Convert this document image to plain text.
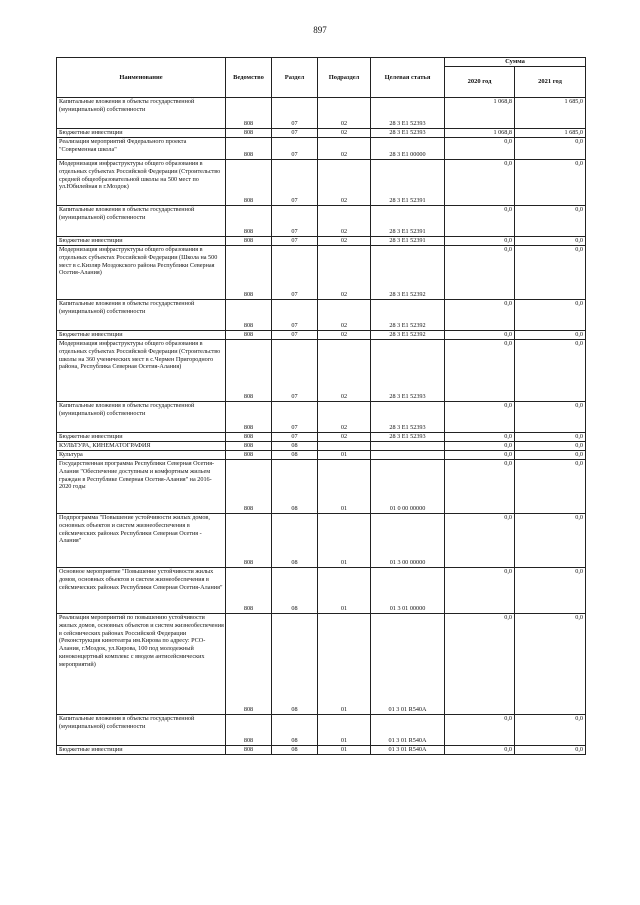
897
Наименование	Ведомство	Раздел	Подраздел	Целевая статья	Сумма	
					2020 год	2021 год
Капитальные вложения в объекты государственной (муниципальной) собственности	808	07	02	28 3 E1 52393	1 068,8	1 685,0
Бюджетные инвестиции	808	07	02	28 3 E1 52393	1 068,8	1 685,0
Реализация мероприятий Федерального проекта "Современная школа"	808	07	02	28 3 E1 00000	0,0	0,0
Модернизация инфраструктуры общего образования в отдельных субъектах Российской Федерации (Строительство средней общеобразовательной школы на 500 мест по ул.Юбилейная в г.Моздок)	808	07	02	28 3 E1 52391	0,0	0,0
Капитальные вложения в объекты государственной (муниципальной) собственности	808	07	02	28 3 E1 52391	0,0	0,0
Бюджетные инвестиции	808	07	02	28 3 E1 52391	0,0	0,0
Модернизация инфраструктуры общего образования в отдельных субъектах Российской Федерации (Школа на 500 мест в с.Кизляр Моздокского района Республики Северная Осетия-Алания)	808	07	02	28 3 E1 52392	0,0	0,0
Капитальные вложения в объекты государственной (муниципальной) собственности	808	07	02	28 3 E1 52392	0,0	0,0
Бюджетные инвестиции	808	07	02	28 3 E1 52392	0,0	0,0
Модернизация инфраструктуры общего образования в отдельных субъектах Российской Федерации (Строительство школы на 360 ученических мест в с.Чермен Пригородного района, Республика Северная Осетия-Алания)	808	07	02	28 3 E1 52393	0,0	0,0
Капитальные вложения в объекты государственной (муниципальной) собственности	808	07	02	28 3 E1 52393	0,0	0,0
Бюджетные инвестиции	808	07	02	28 3 E1 52393	0,0	0,0
КУЛЬТУРА, КИНЕМАТОГРАФИЯ	808	08			0,0	0,0
Культура	808	08	01		0,0	0,0
Государственная программа Республики Северная Осетия-Алания "Обеспечение доступным и комфортным жильем граждан в Республике Северная Осетия-Алания" на 2016-2020 годы	808	08	01	01 0 00 00000	0,0	0,0
Подпрограмма "Повышение устойчивости жилых домов, основных объектов и систем жизнеобеспечения в сейсмических районах Республики Северная Осетия - Алания"	808	08	01	01 3 00 00000	0,0	0,0
Основное мероприятие "Повышение устойчивости жилых домов, основных объектов и систем жизнеобеспечения в сейсмических районах Республики Северная Осетия-Алания"	808	08	01	01 3 01 00000	0,0	0,0
Реализация мероприятий по повышению устойчивости жилых домов, основных объектов и систем жизнеобеспечения в сейсмических районах Российской Федерации (Реконструкция кинотеатра им.Кирова по адресу: РСО-Алания, г.Моздок, ул.Кирова, 100 под молодежный киноконцертный комплекс с вводом антисейсмических мероприятий)	808	08	01	01 3 01 R540A	0,0	0,0
Капитальные вложения в объекты государственной (муниципальной) собственности	808	08	01	01 3 01 R540A	0,0	0,0
Бюджетные инвестиции	808	08	01	01 3 01 R540A	0,0	0,0
